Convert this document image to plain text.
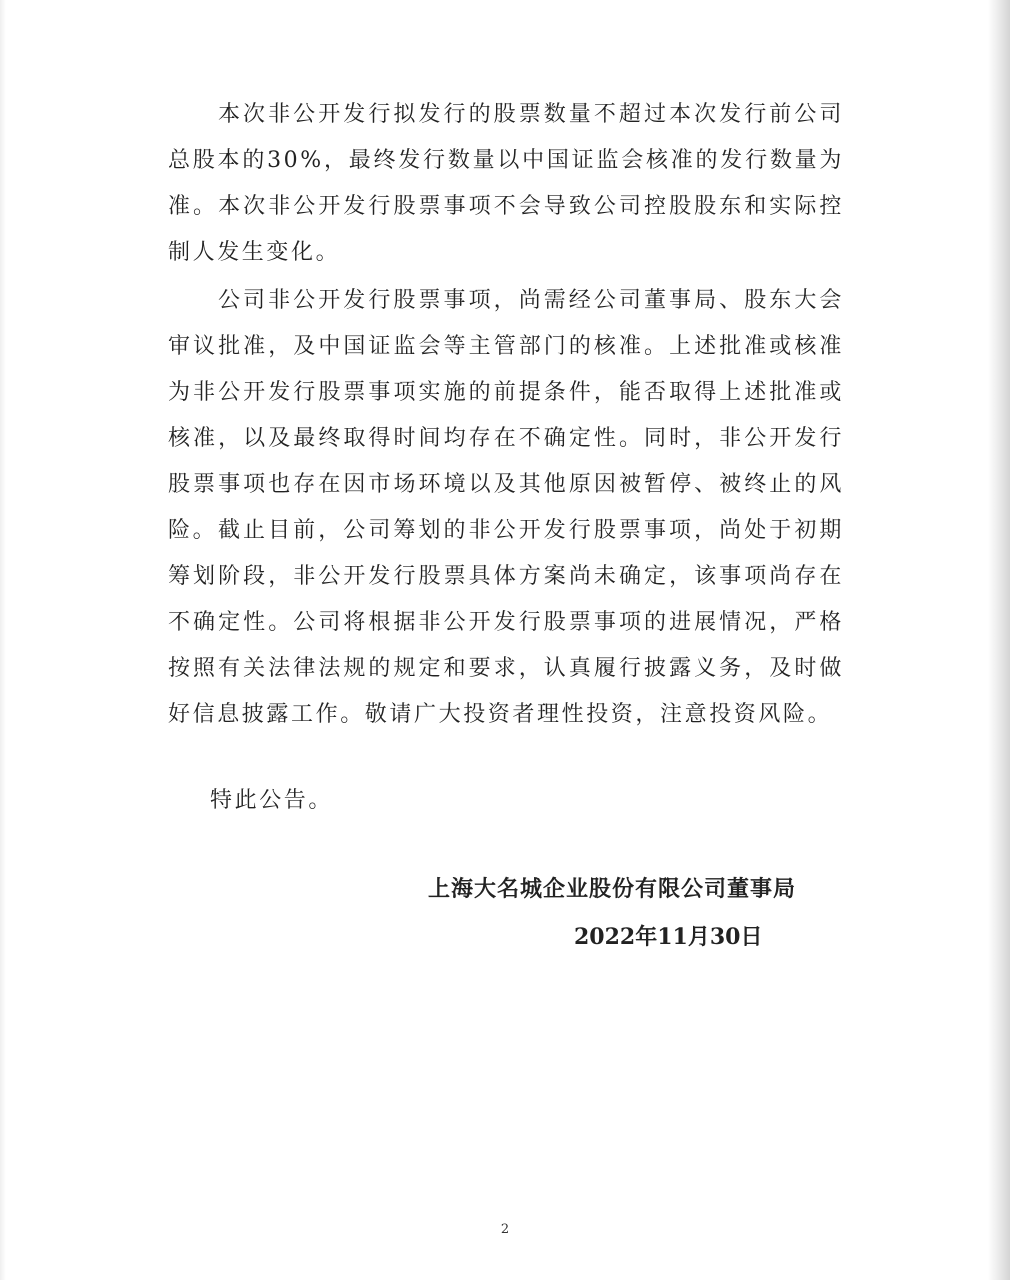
本次非公开发行拟发行的股票数量不超过本次发行前公司总股本的30%，最终发行数量以中国证监会核准的发行数量为准。本次非公开发行股票事项不会导致公司控股股东和实际控制人发生变化。

公司非公开发行股票事项，尚需经公司董事局、股东大会审议批准，及中国证监会等主管部门的核准。上述批准或核准为非公开发行股票事项实施的前提条件，能否取得上述批准或核准，以及最终取得时间均存在不确定性。同时，非公开发行股票事项也存在因市场环境以及其他原因被暂停、被终止的风险。 截止目前，公司筹划的非公开发行股票事项，尚处于初期筹划阶段，非公开发行股票具体方案尚未确定，该事项尚存在不确定性。公司将根据非公开发行股票事项的进展情况，严格按照有关法律法规的规定和要求，认真履行披露义务，及时做好信息披露工作。敬请广大投资者理性投资，注意投资风险。

特此公告。

上海大名城企业股份有限公司董事局

2022年11月30日

2
